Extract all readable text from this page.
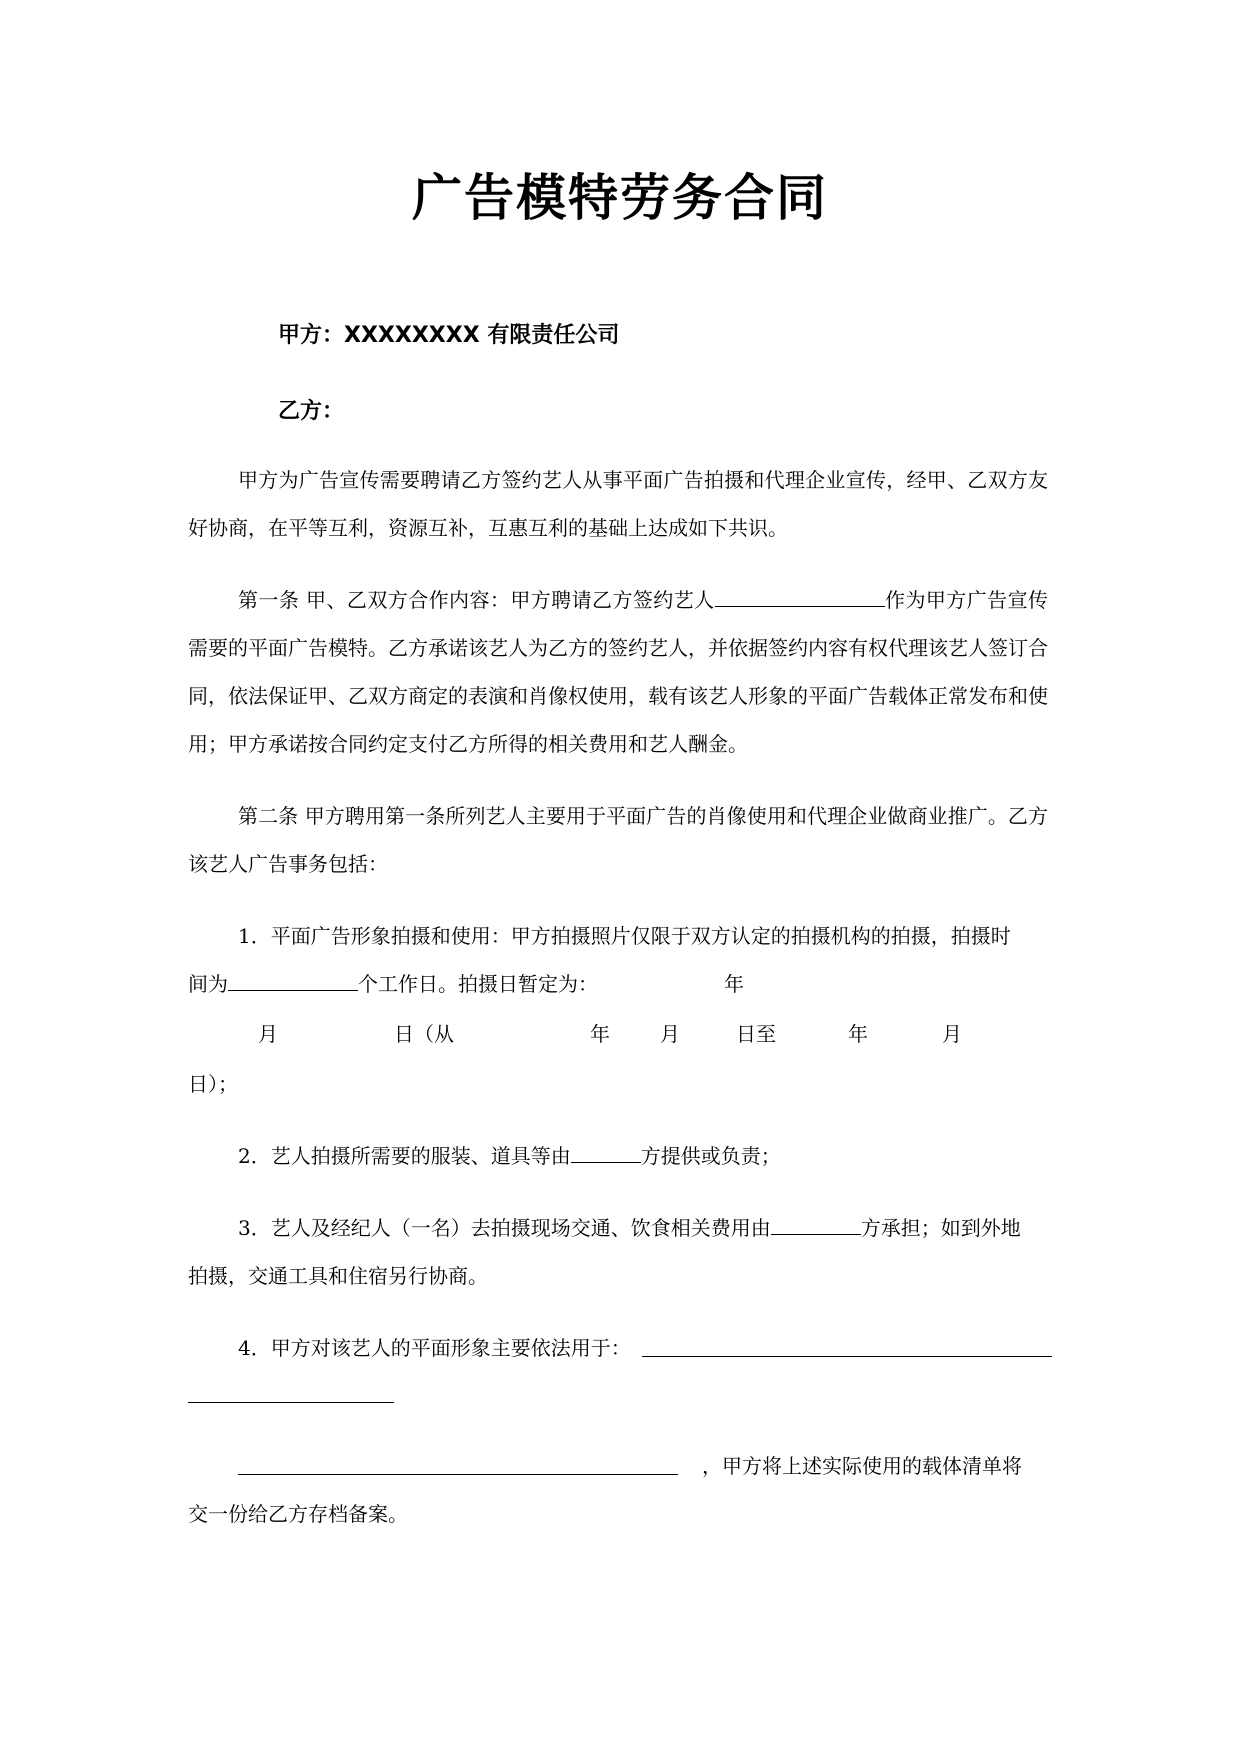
广告模特劳务合同
甲方：XXXXXXXX 有限责任公司
乙方：
甲方为广告宣传需要聘请乙方签约艺人从事平面广告拍摄和代理企业宣传，经甲、乙双方友好协商，在平等互利，资源互补，互惠互利的基础上达成如下共识。
第一条 甲、乙双方合作内容：甲方聘请乙方签约艺人	作为甲方广告宣传需要的平面广告模特。乙方承诺该艺人为乙方的签约艺人，并依据签约内容有权代理该艺人签订合同，依法保证甲、乙双方商定的表演和肖像权使用，载有该艺人形象的平面广告载体正常发布和使用；甲方承诺按合同约定支付乙方所得的相关费用和艺人酬金。
第二条 甲方聘用第一条所列艺人主要用于平面广告的肖像使用和代理企业做商业推广。乙方该艺人广告事务包括：
1．平面广告形象拍摄和使用：甲方拍摄照片仅限于双方认定的拍摄机构的拍摄，拍摄时
间为	个工作日。拍摄日暂定为：	年
月	日（从	年	月	日至	年	月
日）；
2．艺人拍摄所需要的服装、道具等由	方提供或负责；
3．艺人及经纪人（一名）去拍摄现场交通、饮食相关费用由	方承担；如到外地
拍摄，交通工具和住宿另行协商。
4．甲方对该艺人的平面形象主要依法用于：
，甲方将上述实际使用的载体清单将
交一份给乙方存档备案。
